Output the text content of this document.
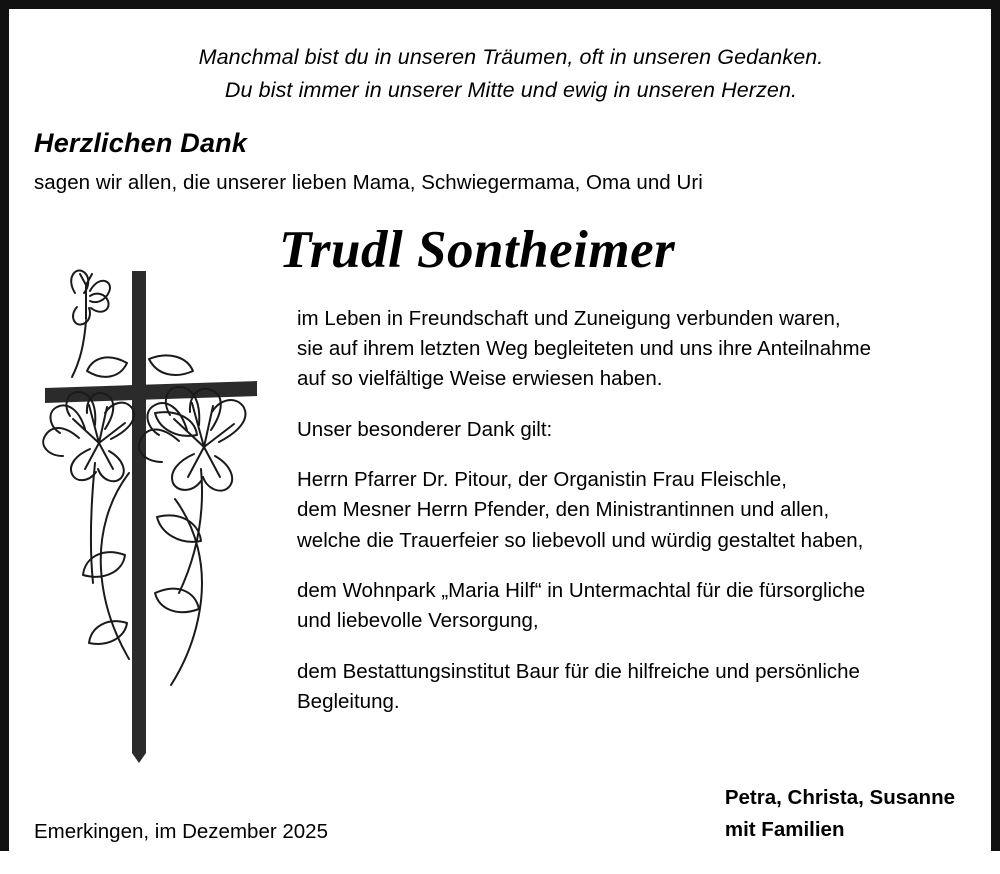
Manchmal bist du in unseren Träumen, oft in unseren Gedanken.
Du bist immer in unserer Mitte und ewig in unseren Herzen.
Herzlichen Dank
sagen wir allen, die unserer lieben Mama, Schwiegermama, Oma und Uri
Trudl Sontheimer

im Leben in Freundschaft und Zuneigung verbunden waren,
sie auf ihrem letzten Weg begleiteten und uns ihre Anteilnahme
auf so vielfältige Weise erwiesen haben.

Unser besonderer Dank gilt:

Herrn Pfarrer Dr. Pitour, der Organistin Frau Fleischle,
dem Mesner Herrn Pfender, den Ministrantinnen und allen,
welche die Trauerfeier so liebevoll und würdig gestaltet haben,

dem Wohnpark „Maria Hilf“ in Untermachtal für die fürsorgliche
und liebevolle Versorgung,

dem Bestattungsinstitut Baur für die hilfreiche und persönliche
Begleitung.

Emerkingen, im Dezember 2025
Petra, Christa, Susanne
mit Familien
